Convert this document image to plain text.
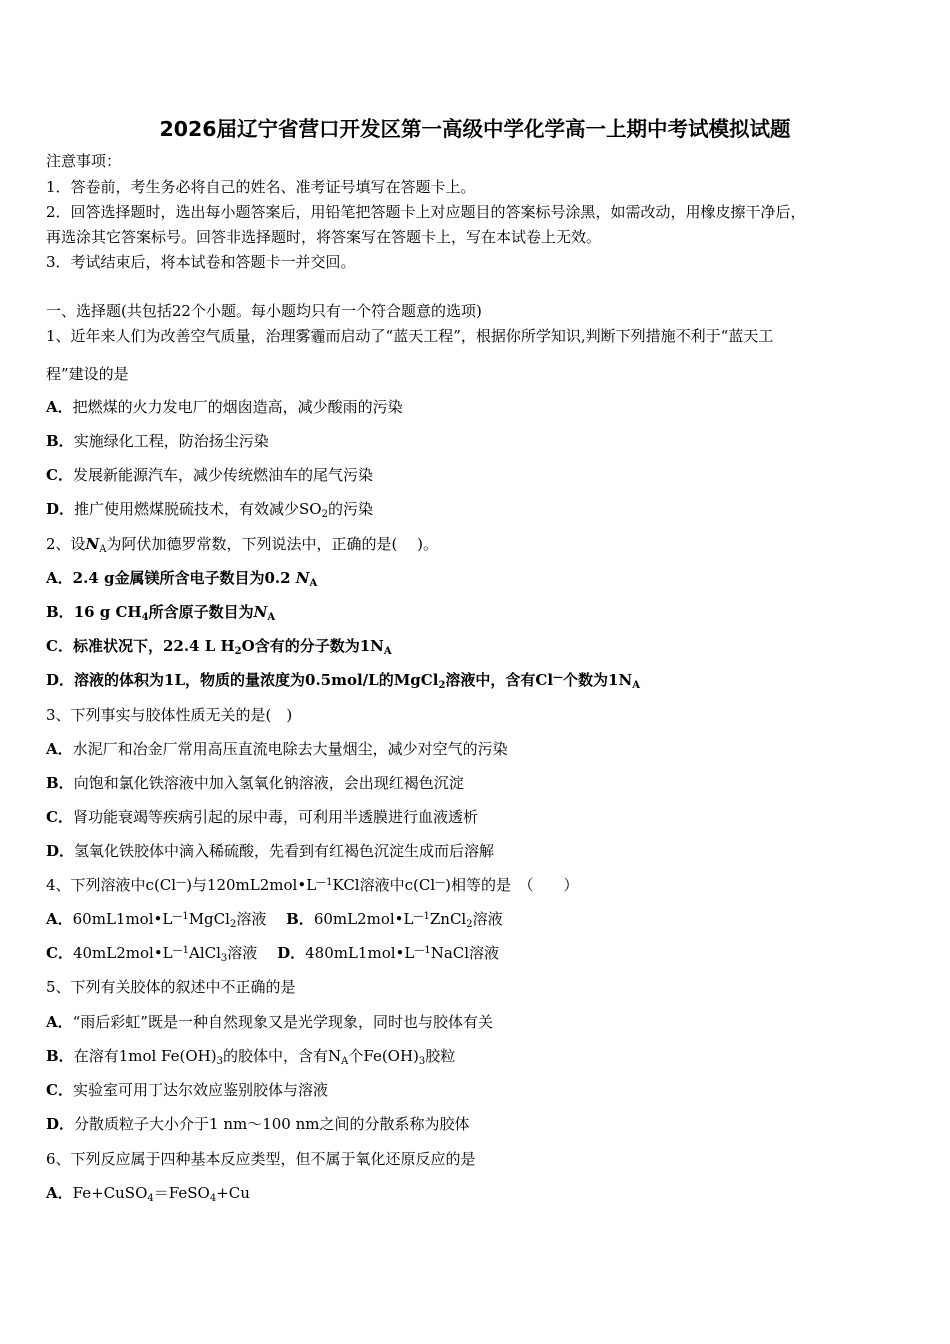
2026届辽宁省营口开发区第一高级中学化学高一上期中考试模拟试题
注意事项：
1．答卷前，考生务必将自己的姓名、准考证号填写在答题卡上。
2．回答选择题时，选出每小题答案后，用铅笔把答题卡上对应题目的答案标号涂黑，如需改动，用橡皮擦干净后，
再选涂其它答案标号。回答非选择题时，将答案写在答题卡上，写在本试卷上无效。
3．考试结束后，将本试卷和答题卡一并交回。
一、选择题(共包括22个小题。每小题均只有一个符合题意的选项)
1、近年来人们为改善空气质量，治理雾霾而启动了“蓝天工程”，根据你所学知识,判断下列措施不利于“蓝天工
程”建设的是
A．把燃煤的火力发电厂的烟囱造高，减少酸雨的污染
B．实施绿化工程，防治扬尘污染
C．发展新能源汽车，减少传统燃油车的尾气污染
D．推广使用燃煤脱硫技术，有效减少$SO_2$的污染
2、设$N_A$为阿伏加德罗常数，下列说法中，正确的是(　 )。
A．2.4 g金属镁所含电子数目为0.2 $N_A$
B．16 g $CH_4$所含原子数目为$N_A$
C．标准状况下，22.4 L $H_2O$含有的分子数为$1N_A$
D．溶液的体积为1L，物质的量浓度为0.5mol/L的MgCl$_2$溶液中，含有Cl—个数为$1N_A$
3、下列事实与胶体性质无关的是(　)
A．水泥厂和冶金厂常用高压直流电除去大量烟尘，减少对空气的污染
B．向饱和氯化铁溶液中加入氢氧化钠溶液，会出现红褐色沉淀
C．肾功能衰竭等疾病引起的尿中毒，可利用半透膜进行血液透析
D．氢氧化铁胶体中滴入稀硫酸，先看到有红褐色沉淀生成而后溶解
4、下列溶液中c(Cl—)与$120mL2mol•L^{—1}KCl$溶液中c(Cl—)相等的是　（　　）
A．$60mL1mol•L^{—1}MgCl_2$溶液　 B．$60mL2mol•L^{—1}ZnCl_2$溶液
C．$40mL2mol•L^{—1}AlCl_3$溶液　 D．$480mL1mol•L^{—1}NaCl$溶液
5、下列有关胶体的叙述中不正确的是
A．“雨后彩虹”既是一种自然现象又是光学现象，同时也与胶体有关
B．在溶有1mol $Fe(OH)_3$的胶体中，含有$N_A$个$Fe(OH)_3$胶粒
C．实验室可用丁达尔效应鉴别胶体与溶液
D．分散质粒子大小介于1 nm～100 nm之间的分散系称为胶体
6、下列反应属于四种基本反应类型，但不属于氧化还原反应的是
A．Fe+CuSO$_4$＝FeSO$_4$+Cu
